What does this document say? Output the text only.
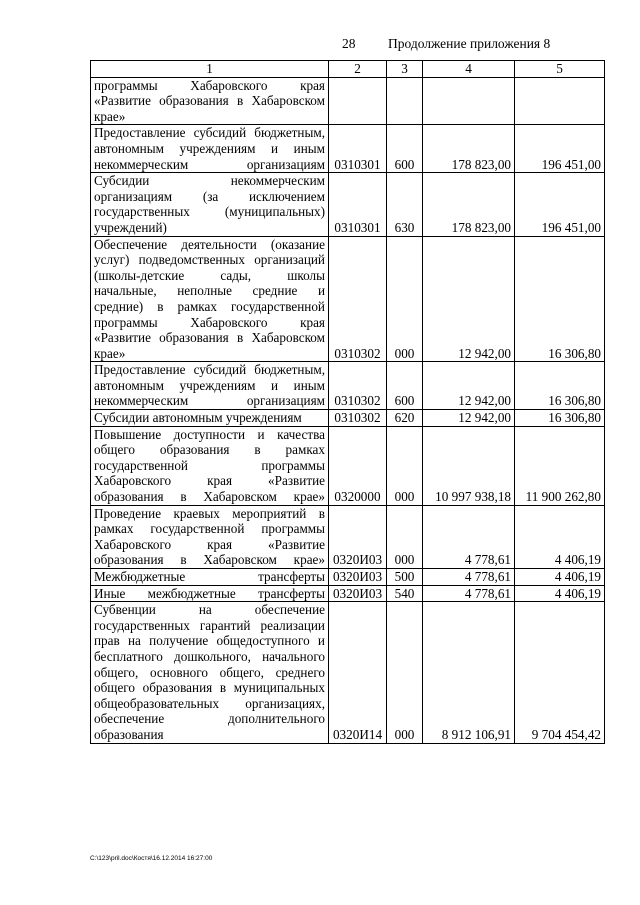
28 Продолжение приложения 8
1	2	3	4	5
программы Хабаровского края «Развитие образования в Хабаровском крае»				
Предоставление субсидий бюджетным, автономным учреждениям и иным некоммерческим организациям	0310301	600	178 823,00	196 451,00
Субсидии некоммерческим организациям (за исключением государственных (муниципальных) учреждений)	0310301	630	178 823,00	196 451,00
Обеспечение деятельности (оказание услуг) подведомственных организаций (школы-детские сады, школы начальные, неполные средние и средние) в рамках государственной программы Хабаровского края «Развитие образования в Хабаровском крае»	0310302	000	12 942,00	16 306,80
Предоставление субсидий бюджетным, автономным учреждениям и иным некоммерческим организациям	0310302	600	12 942,00	16 306,80
Субсидии автономным учреждениям	0310302	620	12 942,00	16 306,80
Повышение доступности и качества общего образования в рамках государственной программы Хабаровского края «Развитие образования в Хабаровском крае»	0320000	000	10 997 938,18	11 900 262,80
Проведение краевых мероприятий в рамках государственной программы Хабаровского края «Развитие образования в Хабаровском крае»	0320И03	000	4 778,61	4 406,19
Межбюджетные трансферты	0320И03	500	4 778,61	4 406,19
Иные межбюджетные трансферты	0320И03	540	4 778,61	4 406,19
Субвенции на обеспечение государственных гарантий реализации прав на получение общедоступного и бесплатного дошкольного, начального общего, основного общего, среднего общего образования в муниципальных общеобразовательных организациях, обеспечение дополнительного образования	0320И14	000	8 912 106,91	9 704 454,42
C:\123\pril.doc\Костя\16.12.2014 16:27:00
